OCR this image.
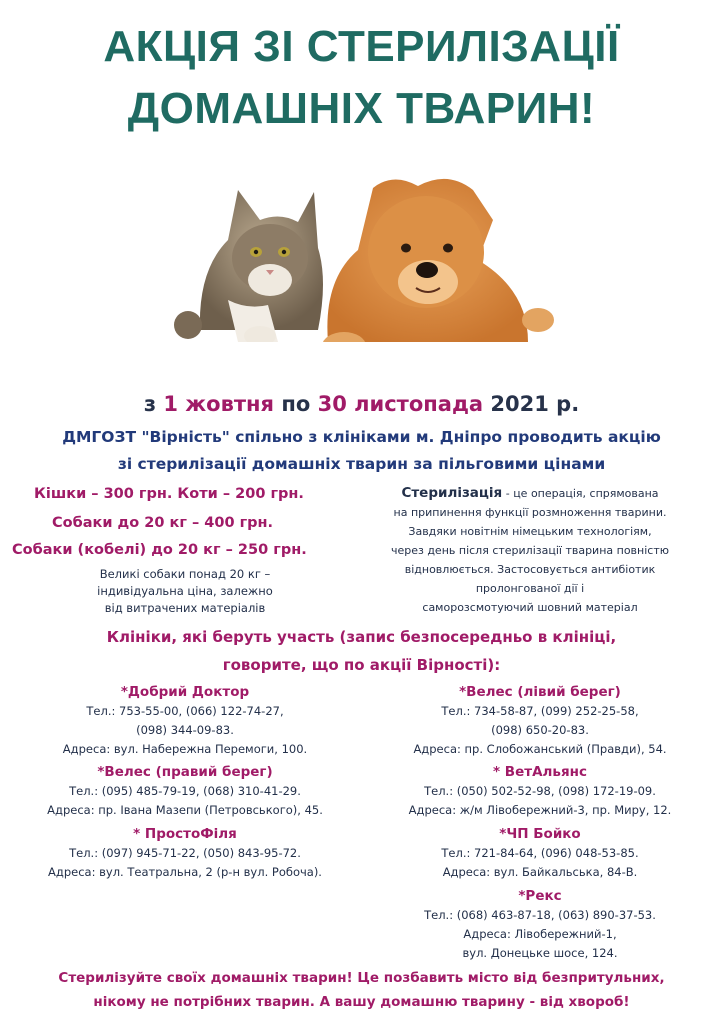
АКЦІЯ ЗІ СТЕРИЛІЗАЦІЇ
ДОМАШНІХ ТВАРИН!
з 1 жовтня по 30 листопада 2021 р.
ДМГОЗТ "Вірність" спільно з клініками м. Дніпро проводить акцію
зі стерилізації домашніх тварин за пільговими цінами
Кішки – 300 грн. Коти – 200 грн.
Собаки до 20 кг – 400 грн.
Собаки (кобелі) до 20 кг – 250 грн.
Великі собаки понад 20 кг –
індивідуальна ціна, залежно
від витрачених матеріалів
Стерилізація - це операція, спрямована
на припинення функції розмноження тварини.
Завдяки новітнім німецьким технологіям,
через день після стерилізації тварина повністю
відновлюється. Застосовується антибіотик
пролонгованої дії і
саморозсмотуючий шовний матеріал
Клініки, які беруть участь (запис безпосередньо в клініці,
говорите, що по акції Вірності):
*Добрий Доктор
Тел.: 753-55-00, (066) 122-74-27,
(098) 344-09-83.
Адреса: вул. Набережна Перемоги, 100.
*Велес (правий берег)
Тел.: (095) 485-79-19, (068) 310-41-29.
Адреса: пр. Івана Мазепи (Петровського), 45.
* ПростоФіля
Тел.: (097) 945-71-22, (050) 843-95-72.
Адреса: вул. Театральна, 2 (р-н вул. Робоча).
*Велес (лівий берег)
Тел.: 734-58-87, (099) 252-25-58,
(098) 650-20-83.
Адреса: пр. Слобожанський (Правди), 54.
* ВетАльянс
Тел.: (050) 502-52-98, (098) 172-19-09.
Адреса: ж/м Лівобережний-3, пр. Миру, 12.
*ЧП Бойко
Тел.: 721-84-64, (096) 048-53-85.
Адреса: вул. Байкальська, 84-В.
*Рекс
Тел.: (068) 463-87-18, (063) 890-37-53.
Адреса: Лівобережний-1,
вул. Донецьке шосе, 124.
Стерилізуйте своїх домашніх тварин! Це позбавить місто від безпритульних,
нікому не потрібних тварин. А вашу домашню тварину - від хвороб!
